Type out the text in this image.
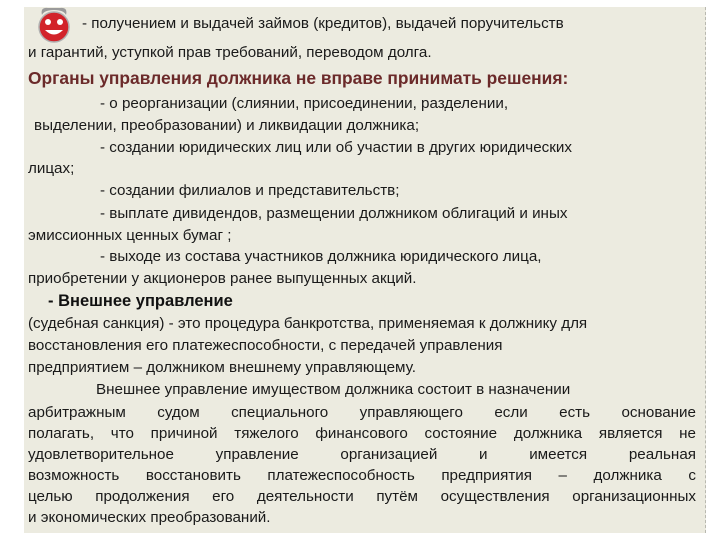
- получением и выдачей займов (кредитов), выдачей поручительств
и гарантий, уступкой прав требований, переводом долга.
Органы управления должника не вправе принимать решения:
- о реорганизации (слиянии, присоединении, разделении,
выделении, преобразовании) и ликвидации должника;
- создании юридических лиц или об участии в других юридических
лицах;
- создании филиалов и представительств;
- выплате дивидендов, размещении должником облигаций и иных
эмиссионных ценных бумаг ;
- выходе из состава участников должника юридического лица,
приобретении у акционеров ранее выпущенных акций.
- Внешнее управление
(судебная санкция) - это процедура банкротства, применяемая к должнику для
восстановления его платежеспособности, с передачей управления
предприятием – должником внешнему управляющему.
Внешнее управление имуществом должника состоит в назначении
арбитражным судом специального управляющего если есть основание
полагать, что причиной тяжелого финансового состояние должника является не
удовлетворительное управление организацией и имеется реальная
возможность восстановить платежеспособность предприятия – должника с
целью продолжения его деятельности путём осуществления организационных
и экономических преобразований.
